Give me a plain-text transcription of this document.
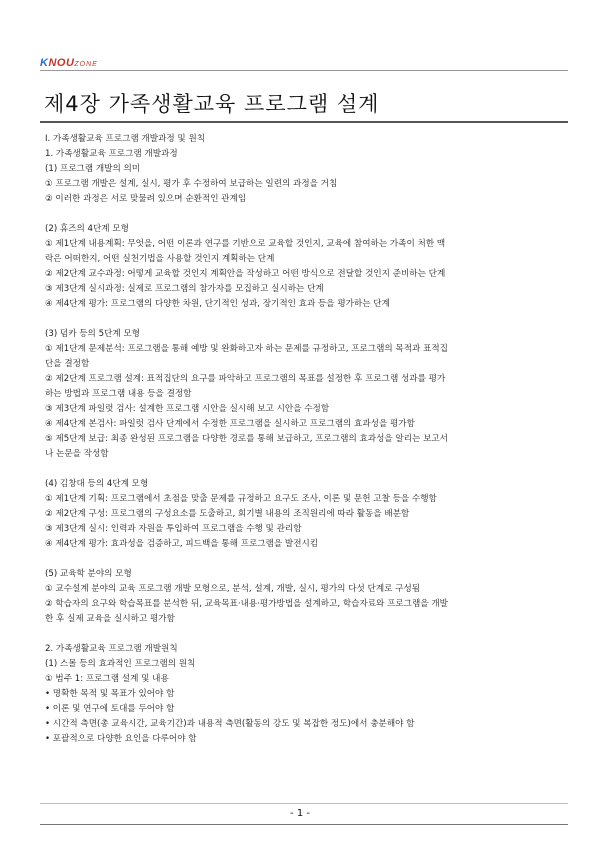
KNOUZONE
제4장 가족생활교육 프로그램 설계
Ⅰ. 가족생활교육 프로그램 개발과정 및 원칙
1. 가족생활교육 프로그램 개발과정
(1) 프로그램 개발의 의미
① 프로그램 개발은 설계, 실시, 평가 후 수정하여 보급하는 일련의 과정을 거침
② 이러한 과정은 서로 맞물려 있으며 순환적인 관계임
(2) 휴즈의 4단계 모형
① 제1단계 내용계획: 무엇을, 어떤 이론과 연구를 기반으로 교육할 것인지, 교육에 참여하는 가족이 처한 맥
락은 어떠한지, 어떤 실천기법을 사용할 것인지 계획하는 단계
② 제2단계 교수과정: 어떻게 교육할 것인지 계획안을 작성하고 어떤 방식으로 전달할 것인지 준비하는 단계
③ 제3단계 실시과정: 실제로 프로그램의 참가자를 모집하고 실시하는 단계
④ 제4단계 평가: 프로그램의 다양한 차원, 단기적인 성과, 장기적인 효과 등을 평가하는 단계
(3) 덤카 등의 5단계 모형
① 제1단계 문제분석: 프로그램을 통해 예방 및 완화하고자 하는 문제를 규정하고, 프로그램의 목적과 표적집
단을 결정함
② 제2단계 프로그램 설계: 표적집단의 요구를 파악하고 프로그램의 목표를 설정한 후 프로그램 성과를 평가
하는 방법과 프로그램 내용 등을 결정함
③ 제3단계 파일럿 검사: 설계한 프로그램 시안을 실시해 보고 시안을 수정함
④ 제4단계 본검사: 파일럿 검사 단계에서 수정한 프로그램을 실시하고 프로그램의 효과성을 평가함
⑤ 제5단계 보급: 최종 완성된 프로그램을 다양한 경로를 통해 보급하고, 프로그램의 효과성을 알리는 보고서
나 논문을 작성함
(4) 김창대 등의 4단계 모형
① 제1단계 기획: 프로그램에서 초점을 맞출 문제를 규정하고 요구도 조사, 이론 및 문헌 고찰 등을 수행함
② 제2단계 구성: 프로그램의 구성요소를 도출하고, 회기별 내용의 조직원리에 따라 활동을 배분함
③ 제3단계 실시: 인력과 자원을 투입하여 프로그램을 수행 및 관리함
④ 제4단계 평가: 효과성을 검증하고, 피드백을 통해 프로그램을 발전시킴
(5) 교육학 분야의 모형
① 교수설계 분야의 교육 프로그램 개발 모형으로, 분석, 설계, 개발, 실시, 평가의 다섯 단계로 구성됨
② 학습자의 요구와 학습목표를 분석한 뒤, 교육목표·내용·평가방법을 설계하고, 학습자료와 프로그램을 개발
한 후 실제 교육을 실시하고 평가함
2. 가족생활교육 프로그램 개발원칙
(1) 스몰 등의 효과적인 프로그램의 원칙
① 범주 1: 프로그램 설계 및 내용
• 명확한 목적 및 목표가 있어야 함
• 이론 및 연구에 토대를 두어야 함
• 시간적 측면(총 교육시간, 교육기간)과 내용적 측면(활동의 강도 및 복잡한 정도)에서 충분해야 함
• 포괄적으로 다양한 요인을 다루어야 함
- 1 -
